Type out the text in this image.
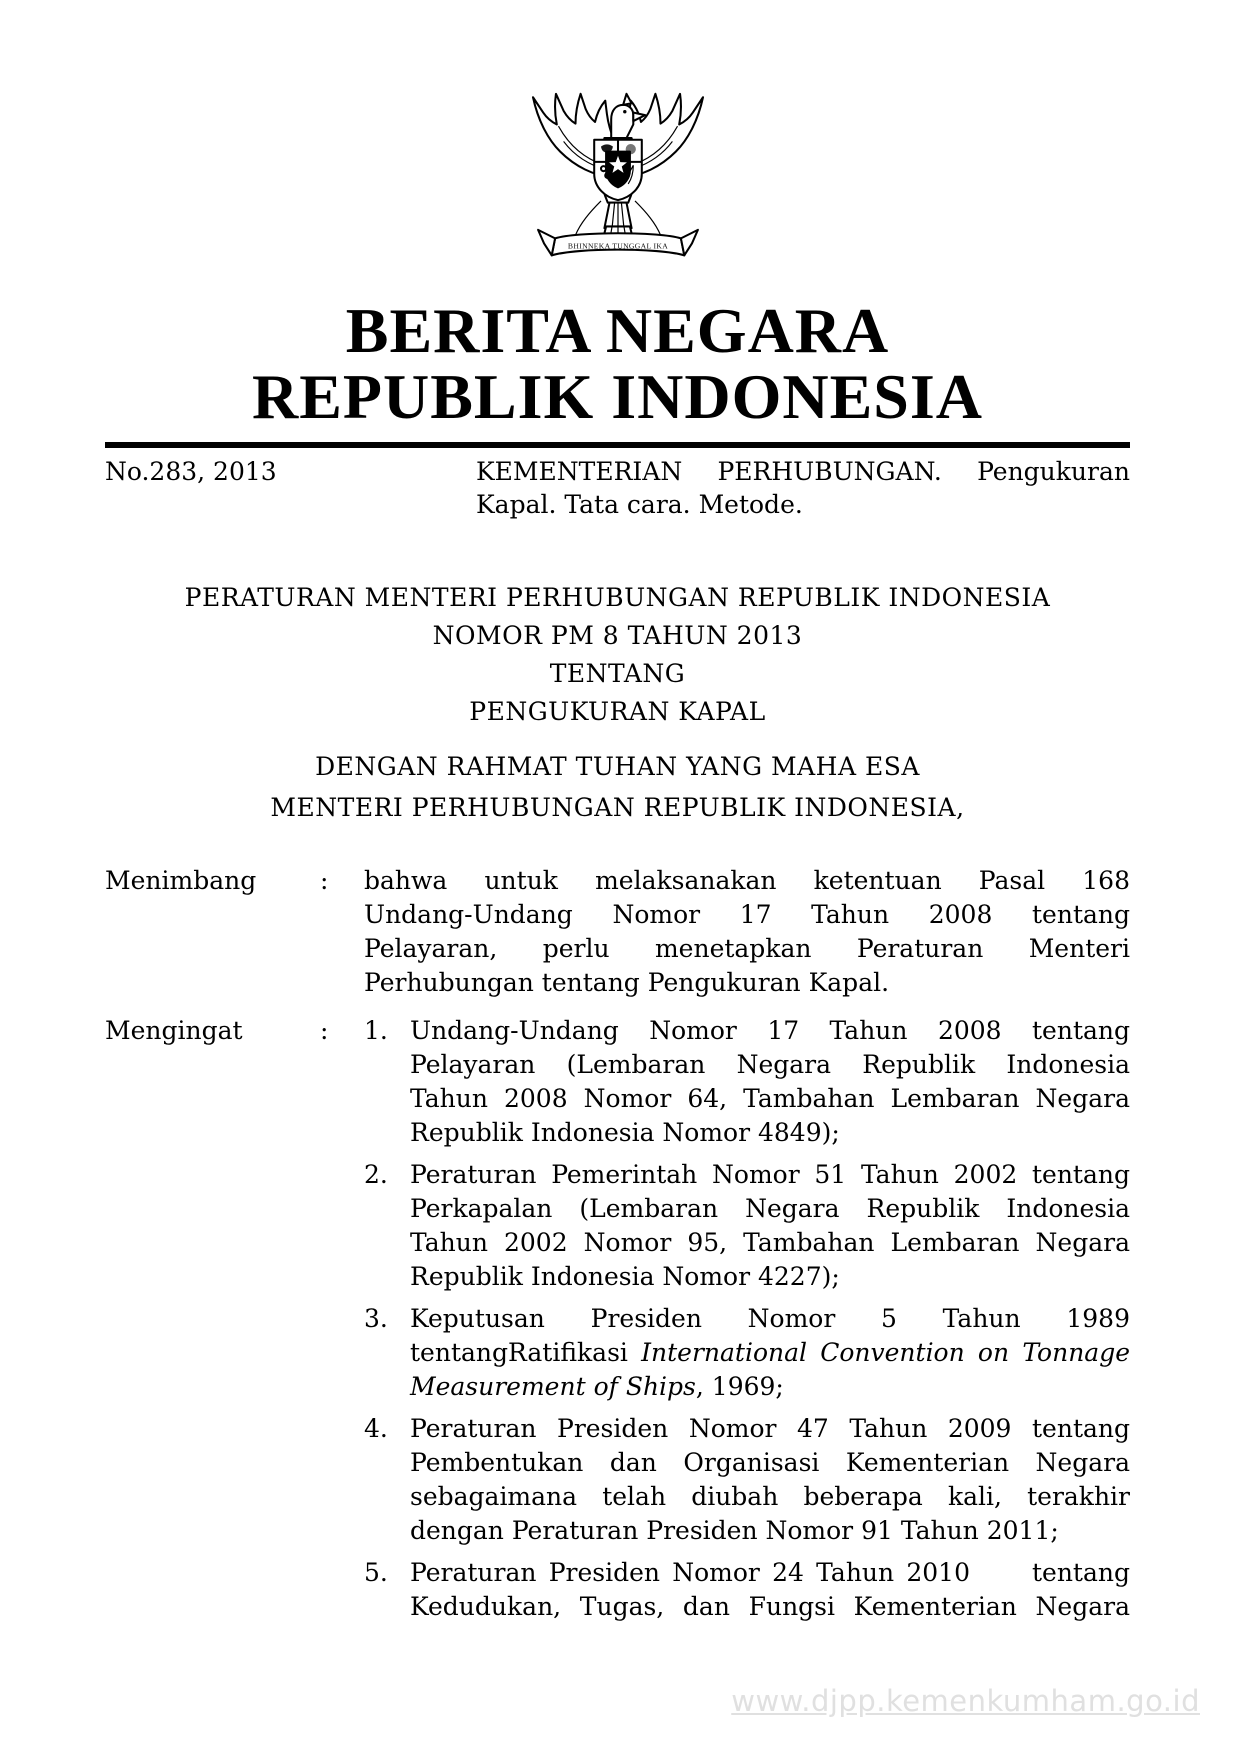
BHINNEKA TUNGGAL IKA
BERITA NEGARA
REPUBLIK INDONESIA
No.283, 2013	KEMENTERIAN PERHUBUNGAN. Pengukuran
Kapal. Tata cara. Metode.
PERATURAN MENTERI PERHUBUNGAN REPUBLIK INDONESIA
NOMOR PM 8 TAHUN 2013
TENTANG
PENGUKURAN KAPAL
DENGAN RAHMAT TUHAN YANG MAHA ESA
MENTERI PERHUBUNGAN REPUBLIK INDONESIA,
Menimbang	:	bahwa untuk melaksanakan ketentuan Pasal 168
Undang-Undang Nomor 17 Tahun 2008 tentang
Pelayaran, perlu menetapkan Peraturan Menteri
Perhubungan tentang Pengukuran Kapal.
Mengingat	:	1. Undang-Undang Nomor 17 Tahun 2008 tentang
Pelayaran (Lembaran Negara Republik Indonesia
Tahun 2008 Nomor 64, Tambahan Lembaran Negara
Republik Indonesia Nomor 4849);
2. Peraturan Pemerintah Nomor 51 Tahun 2002 tentang
Perkapalan (Lembaran Negara Republik Indonesia
Tahun 2002 Nomor 95, Tambahan Lembaran Negara
Republik Indonesia Nomor 4227);
3. Keputusan Presiden Nomor 5 Tahun 1989
tentangRatifikasi International Convention on Tonnage
Measurement of Ships, 1969;
4. Peraturan Presiden Nomor 47 Tahun 2009 tentang
Pembentukan dan Organisasi Kementerian Negara
sebagaimana telah diubah beberapa kali, terakhir
dengan Peraturan Presiden Nomor 91 Tahun 2011;
5. Peraturan Presiden Nomor 24 Tahun 2010     tentang
Kedudukan, Tugas, dan Fungsi Kementerian Negara
www.djpp.kemenkumham.go.id
